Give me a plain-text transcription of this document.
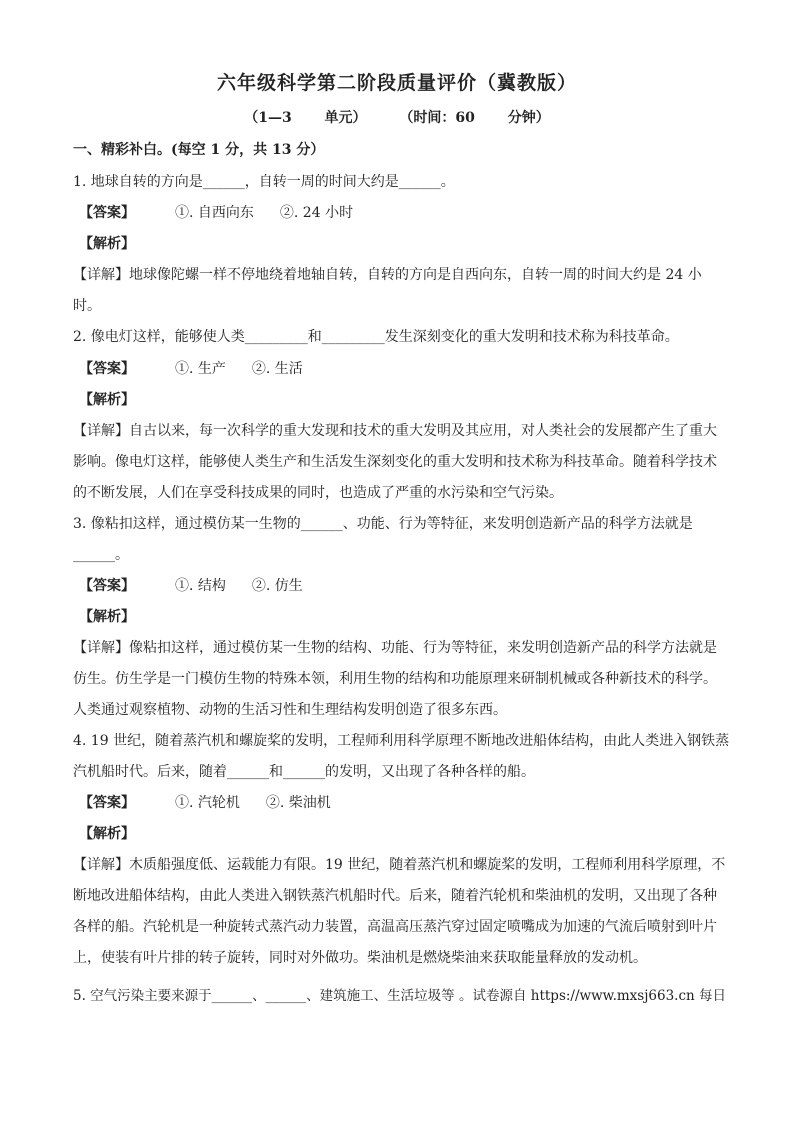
六年级科学第二阶段质量评价（冀教版）
（1—3 单元） （时间：60 分钟）
一、精彩补白。(每空 1 分，共 13 分）
1. 地球自转的方向是______，自转一周的时间大约是______。
【答案】	①. 自西向东 ②. 24 小时
【解析】
【详解】地球像陀螺一样不停地绕着地轴自转，自转的方向是自西向东，自转一周的时间大约是 24 小
时。
2. 像电灯这样，能够使人类_________和_________发生深刻变化的重大发明和技术称为科技革命。
【答案】	①. 生产 ②. 生活
【解析】
【详解】自古以来，每一次科学的重大发现和技术的重大发明及其应用，对人类社会的发展都产生了重大
影响。像电灯这样，能够使人类生产和生活发生深刻变化的重大发明和技术称为科技革命。随着科学技术
的不断发展，人们在享受科技成果的同时，也造成了严重的水污染和空气污染。
3. 像粘扣这样，通过模仿某一生物的______、功能、行为等特征，来发明创造新产品的科学方法就是
______。
【答案】	①. 结构 ②. 仿生
【解析】
【详解】像粘扣这样，通过模仿某一生物的结构、功能、行为等特征，来发明创造新产品的科学方法就是
仿生。仿生学是一门模仿生物的特殊本领，利用生物的结构和功能原理来研制机械或各种新技术的科学。
人类通过观察植物、动物的生活习性和生理结构发明创造了很多东西。
4. 19 世纪，随着蒸汽机和螺旋桨的发明，工程师利用科学原理不断地改进船体结构，由此人类进入钢铁蒸
汽机船时代。后来，随着______和______的发明，又出现了各种各样的船。
【答案】	①. 汽轮机 ②. 柴油机
【解析】
【详解】木质船强度低、运载能力有限。19 世纪，随着蒸汽机和螺旋桨的发明，工程师利用科学原理，不
断地改进船体结构，由此人类进入钢铁蒸汽机船时代。后来，随着汽轮机和柴油机的发明，又出现了各种
各样的船。汽轮机是一种旋转式蒸汽动力装置，高温高压蒸汽穿过固定喷嘴成为加速的气流后喷射到叶片
上，使装有叶片排的转子旋转，同时对外做功。柴油机是燃烧柴油来获取能量释放的发动机。
5. 空气污染主要来源于______、______、建筑施工、生活垃圾等 。试卷源自 https://www.mxsj663.cn 每日
